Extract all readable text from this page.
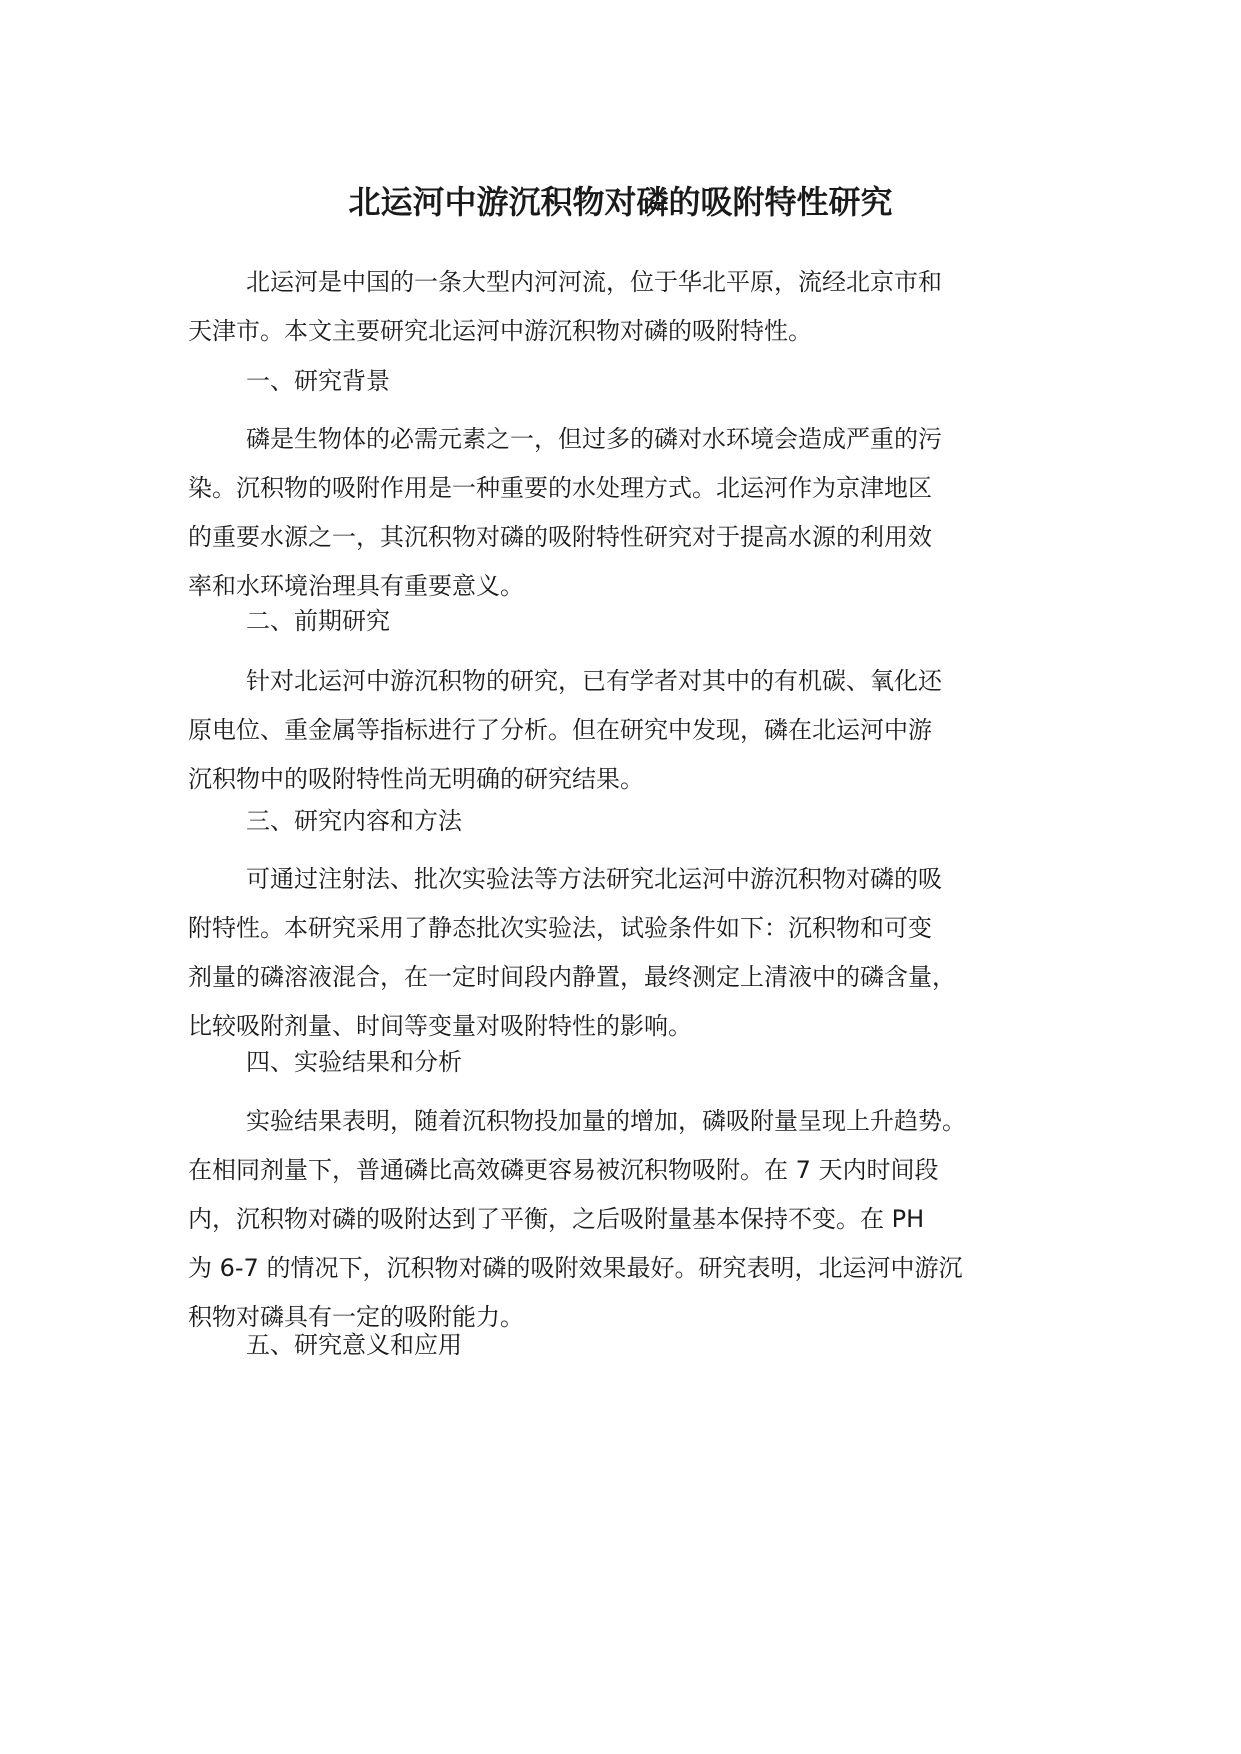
北运河中游沉积物对磷的吸附特性研究
北运河是中国的一条大型内河河流，位于华北平原，流经北京市和
天津市。本文主要研究北运河中游沉积物对磷的吸附特性。
一、研究背景
磷是生物体的必需元素之一，但过多的磷对水环境会造成严重的污
染。沉积物的吸附作用是一种重要的水处理方式。北运河作为京津地区
的重要水源之一，其沉积物对磷的吸附特性研究对于提高水源的利用效
率和水环境治理具有重要意义。
二、前期研究
针对北运河中游沉积物的研究，已有学者对其中的有机碳、氧化还
原电位、重金属等指标进行了分析。但在研究中发现，磷在北运河中游
沉积物中的吸附特性尚无明确的研究结果。
三、研究内容和方法
可通过注射法、批次实验法等方法研究北运河中游沉积物对磷的吸
附特性。本研究采用了静态批次实验法，试验条件如下：沉积物和可变
剂量的磷溶液混合，在一定时间段内静置，最终测定上清液中的磷含量，
比较吸附剂量、时间等变量对吸附特性的影响。
四、实验结果和分析
实验结果表明，随着沉积物投加量的增加，磷吸附量呈现上升趋势。
在相同剂量下，普通磷比高效磷更容易被沉积物吸附。在 7 天内时间段
内，沉积物对磷的吸附达到了平衡，之后吸附量基本保持不变。在 PH
为 6-7 的情况下，沉积物对磷的吸附效果最好。研究表明，北运河中游沉
积物对磷具有一定的吸附能力。
五、研究意义和应用
